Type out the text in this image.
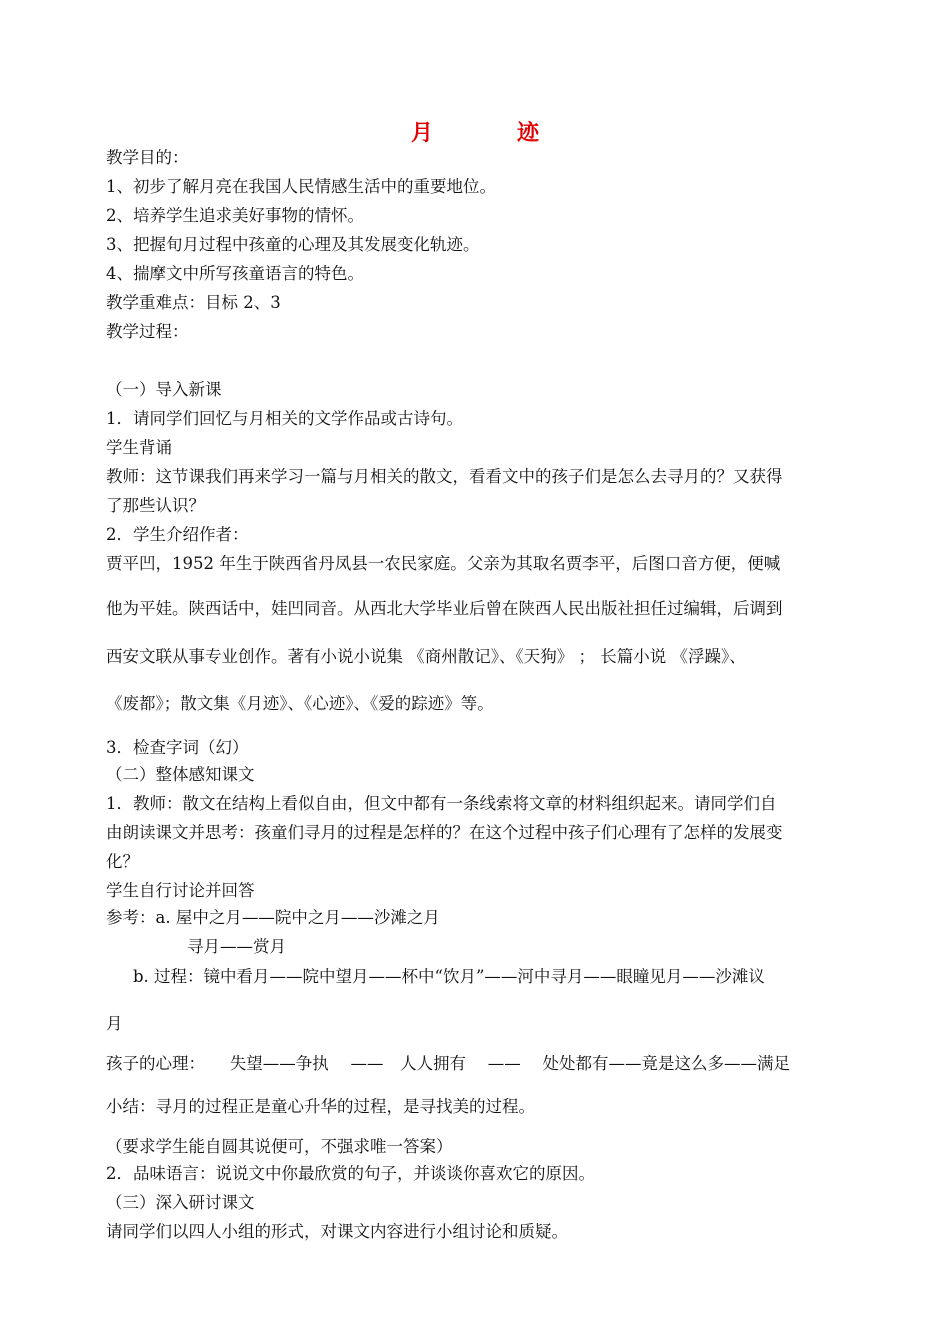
月	迹
教学目的：
1、初步了解月亮在我国人民情感生活中的重要地位。
2、培养学生追求美好事物的情怀。
3、把握旬月过程中孩童的心理及其发展变化轨迹。
4、揣摩文中所写孩童语言的特色。
教学重难点：目标 2、3
教学过程：
（一）导入新课
1．请同学们回忆与月相关的文学作品或古诗句。
学生背诵
教师：这节课我们再来学习一篇与月相关的散文，看看文中的孩子们是怎么去寻月的？又获得
了那些认识？
2．学生介绍作者：
贾平凹，1952 年生于陕西省丹凤县一农民家庭。父亲为其取名贾李平，后图口音方便，便喊
他为平娃。陕西话中，娃凹同音。从西北大学毕业后曾在陕西人民出版社担任过编辑，后调到
西安文联从事专业创作。著有小说小说集 《商州散记》、《天狗》 ； 长篇小说 《浮躁》、
《废都》；散文集《月迹》、《心迹》、《爱的踪迹》等。
3．检查字词（幻）
（二）整体感知课文
1．教师：散文在结构上看似自由，但文中都有一条线索将文章的材料组织起来。请同学们自
由朗读课文并思考：孩童们寻月的过程是怎样的？在这个过程中孩子们心理有了怎样的发展变
化？
学生自行讨论并回答
参考：a. 屋中之月——院中之月——沙滩之月
寻月——赏月
b. 过程：镜中看月——院中望月——杯中“饮月”——河中寻月——眼瞳见月——沙滩议
月
孩子的心理：　　失望——争执　 ——　人人拥有　 ——　 处处都有——竟是这么多——满足
小结：寻月的过程正是童心升华的过程，是寻找美的过程。
（要求学生能自圆其说便可，不强求唯一答案）
2．品味语言：说说文中你最欣赏的句子，并谈谈你喜欢它的原因。
（三）深入研讨课文
请同学们以四人小组的形式，对课文内容进行小组讨论和质疑。
